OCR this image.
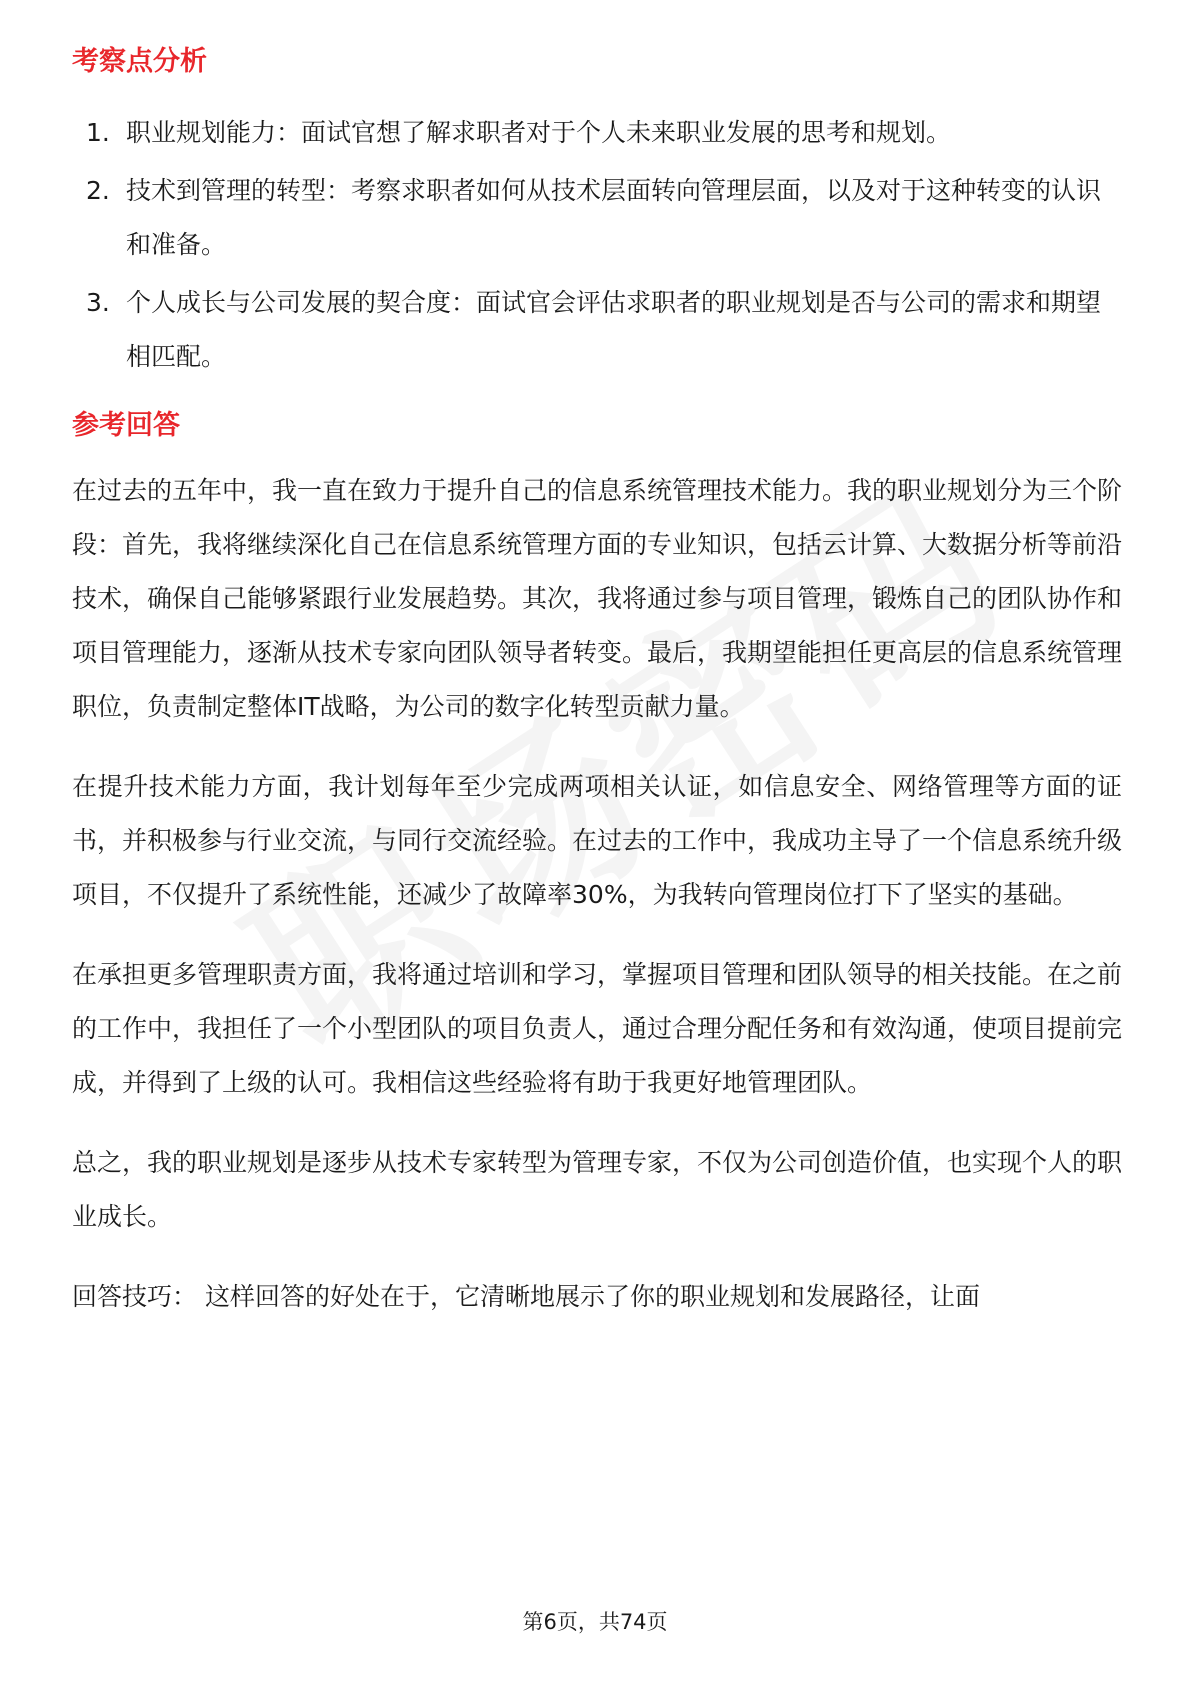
考察点分析
1. 职业规划能力：面试官想了解求职者对于个人未来职业发展的思考和规划。
2. 技术到管理的转型：考察求职者如何从技术层面转向管理层面，以及对于这种转变的认识和准备。
3. 个人成长与公司发展的契合度：面试官会评估求职者的职业规划是否与公司的需求和期望相匹配。
参考回答

在过去的五年中，我一直在致力于提升自己的信息系统管理技术能力。我的职业规划分为三个阶段：首先，我将继续深化自己在信息系统管理方面的专业知识，包括云计算、大数据分析等前沿技术，确保自己能够紧跟行业发展趋势。其次，我将通过参与项目管理，锻炼自己的团队协作和项目管理能力，逐渐从技术专家向团队领导者转变。最后，我期望能担任更高层的信息系统管理职位，负责制定整体IT战略，为公司的数字化转型贡献力量。

在提升技术能力方面，我计划每年至少完成两项相关认证，如信息安全、网络管理等方面的证书，并积极参与行业交流，与同行交流经验。在过去的工作中，我成功主导了一个信息系统升级项目，不仅提升了系统性能，还减少了故障率30%，为我转向管理岗位打下了坚实的基础。

在承担更多管理职责方面，我将通过培训和学习，掌握项目管理和团队领导的相关技能。在之前的工作中，我担任了一个小型团队的项目负责人，通过合理分配任务和有效沟通，使项目提前完成，并得到了上级的认可。我相信这些经验将有助于我更好地管理团队。

总之，我的职业规划是逐步从技术专家转型为管理专家，不仅为公司创造价值，也实现个人的职业成长。

回答技巧： 这样回答的好处在于，它清晰地展示了你的职业规划和发展路径，让面

第6页，共74页
